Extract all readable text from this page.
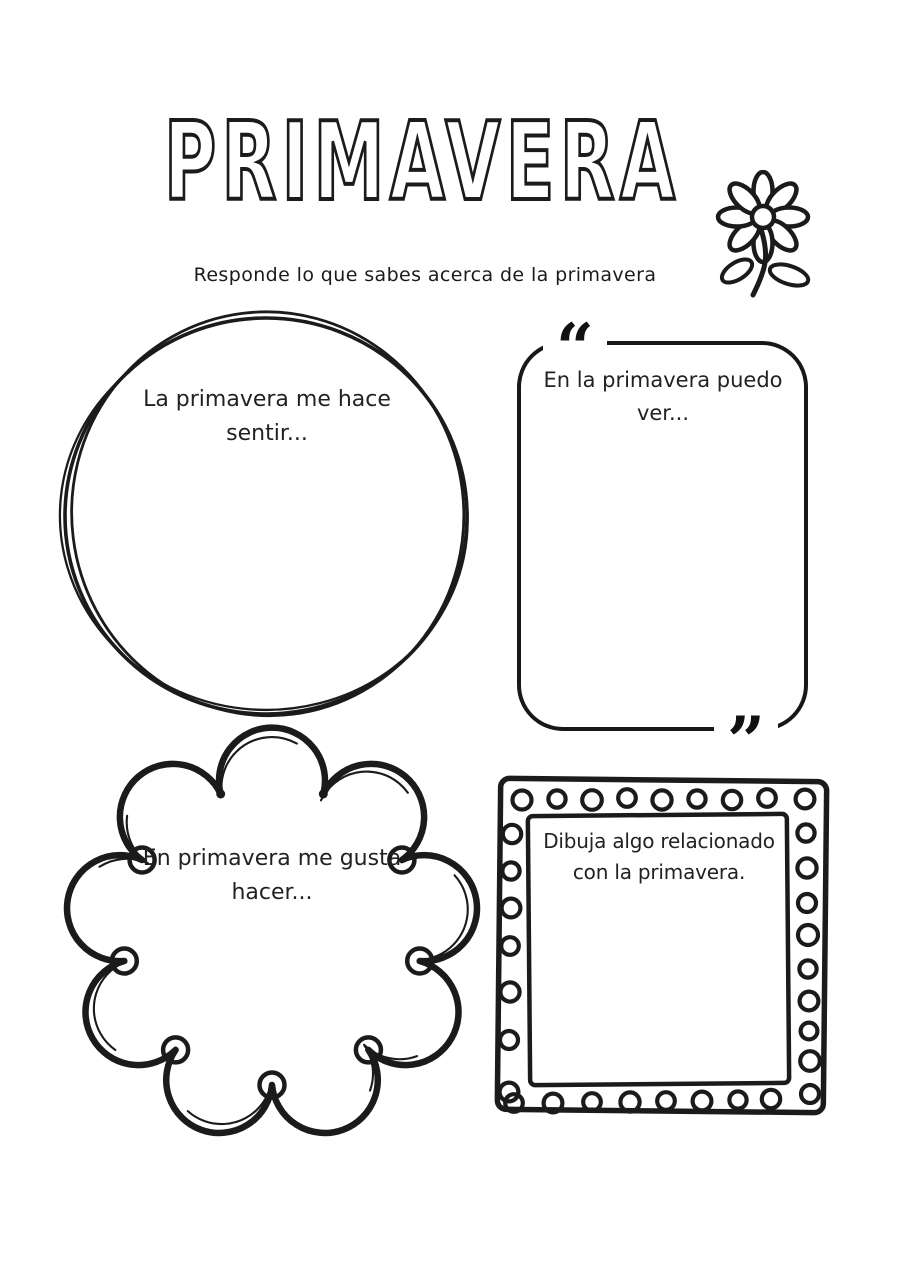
PRIMAVERA
Responde lo que sabes acerca de la primavera
“
”
La primavera me hace
sentir...
En la primavera puedo
ver...
En primavera me gusta
hacer...
Dibuja algo relacionado
con la primavera.
